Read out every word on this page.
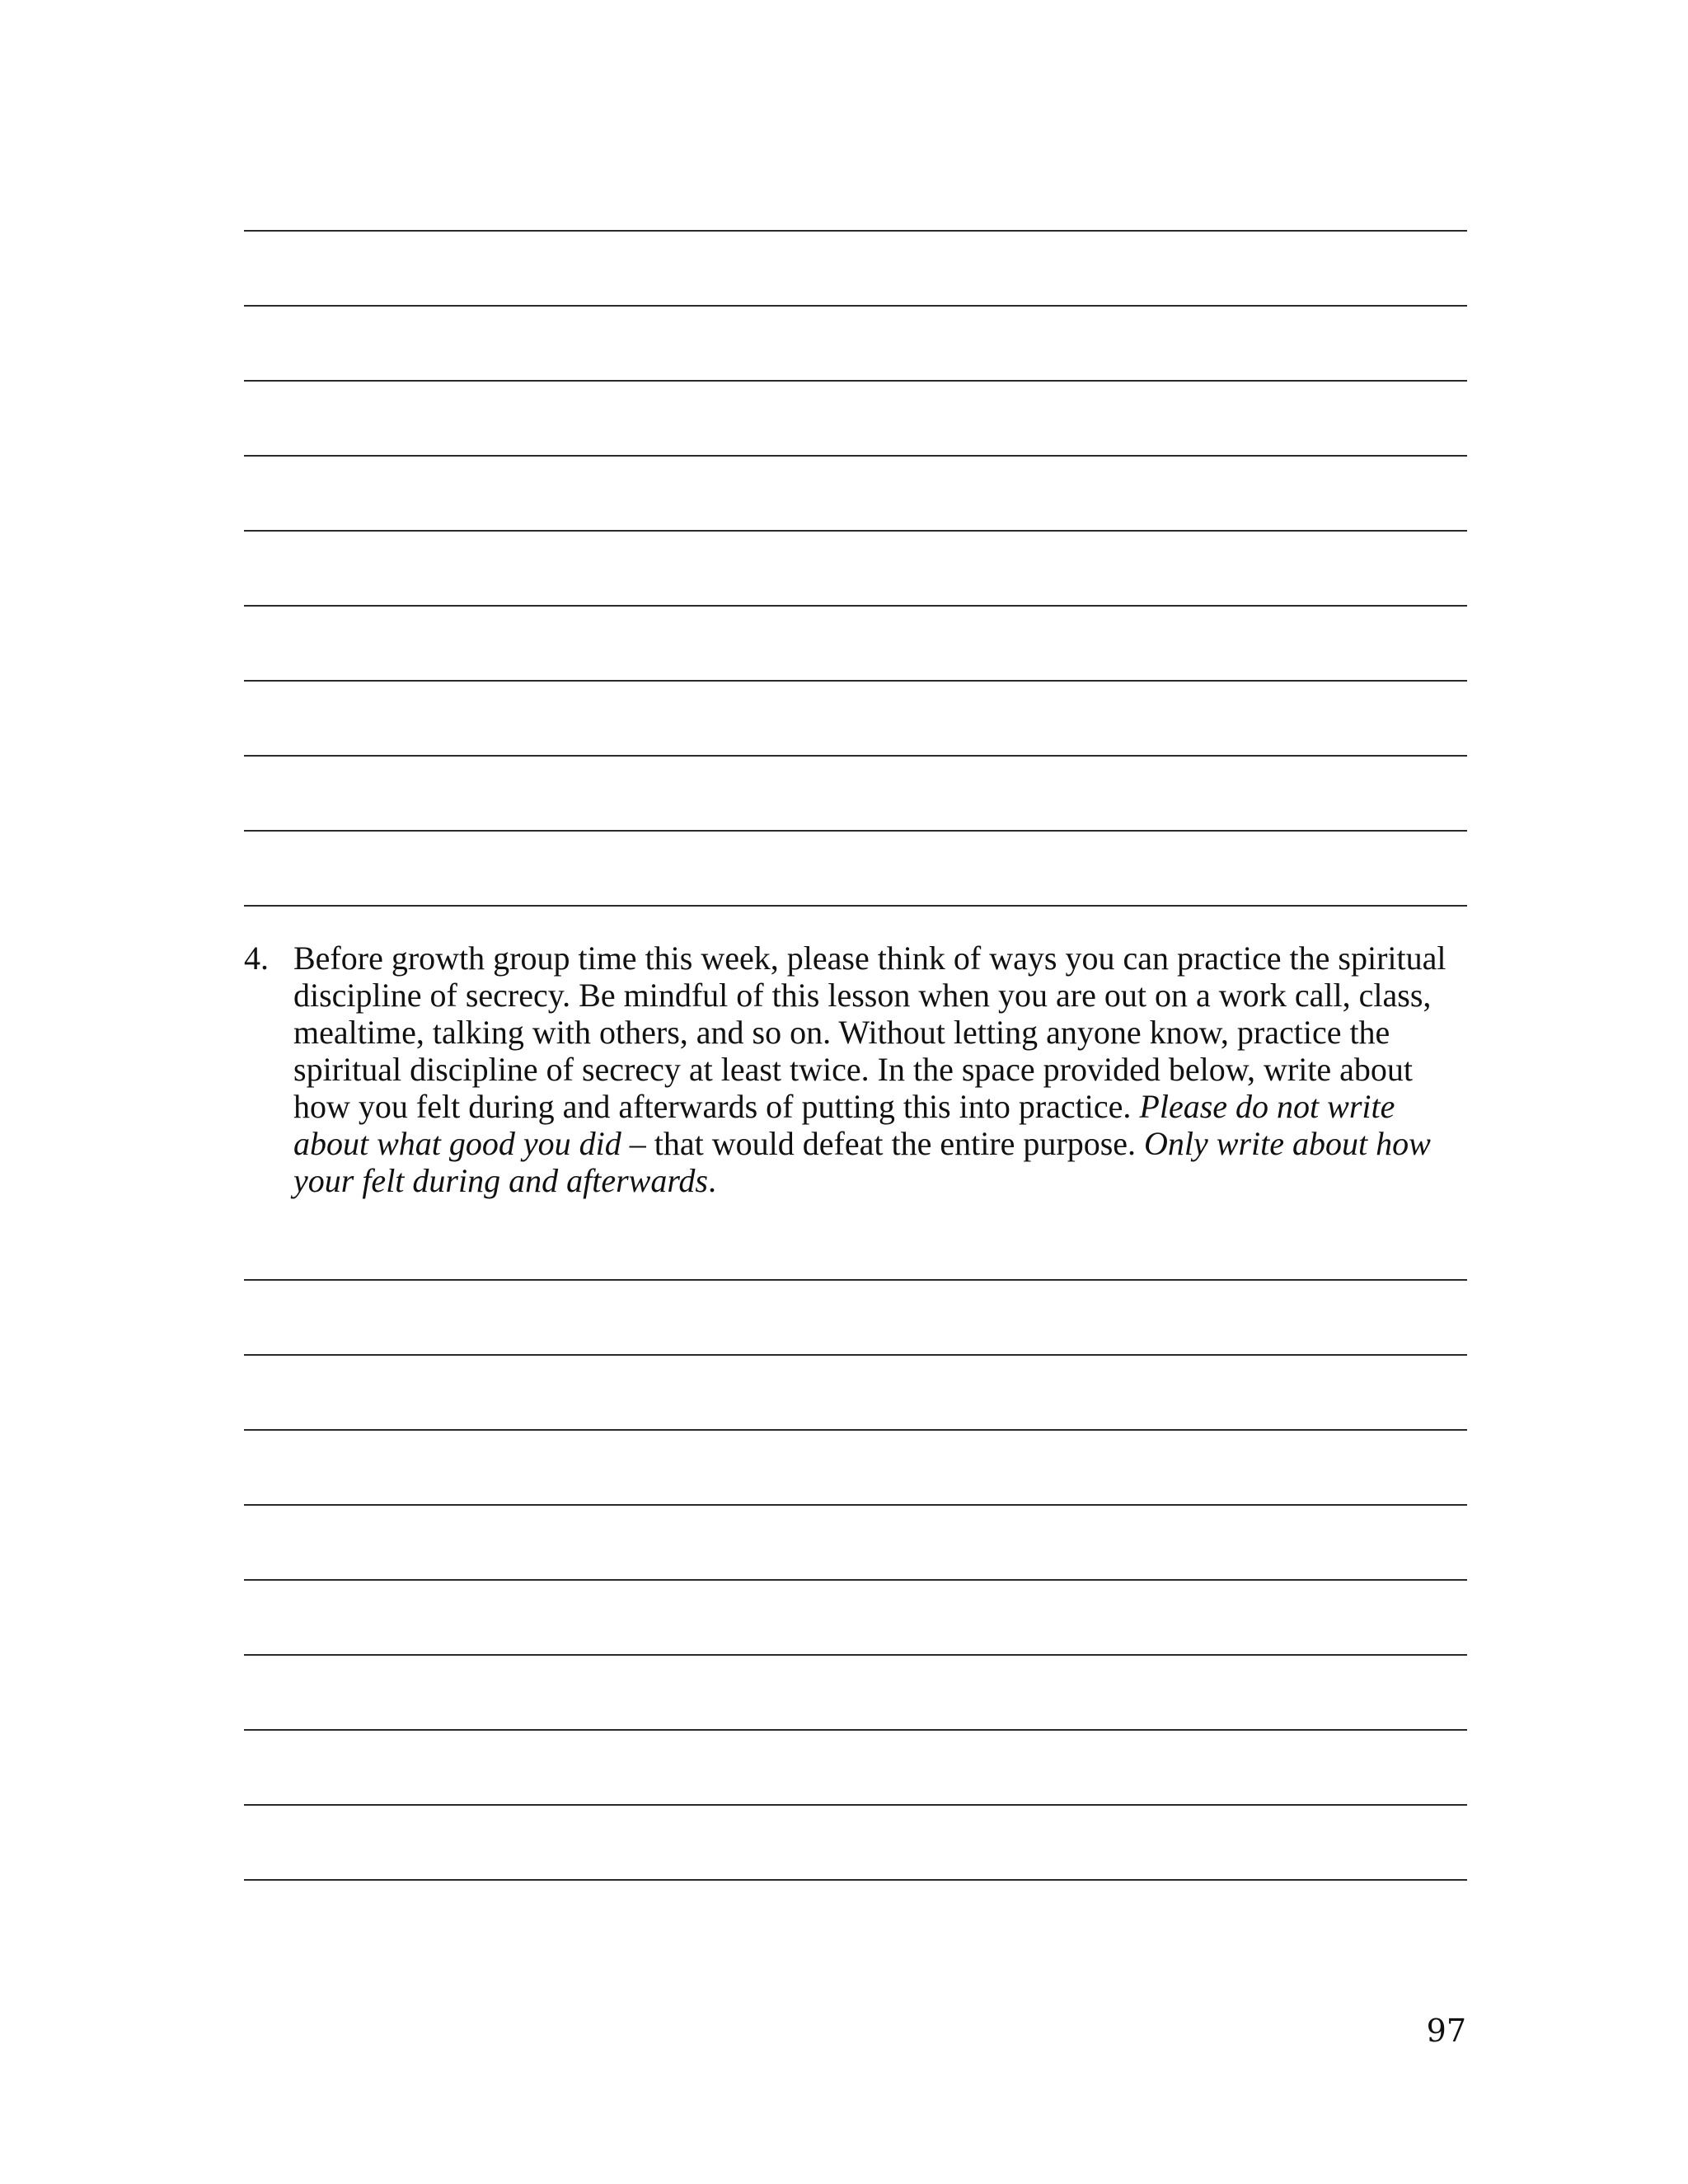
4. Before growth group time this week, please think of ways you can practice the spiritual discipline of secrecy. Be mindful of this lesson when you are out on a work call, class, mealtime, talking with others, and so on. Without letting anyone know, practice the spiritual discipline of secrecy at least twice. In the space provided below, write about how you felt during and afterwards of putting this into practice. Please do not write about what good you did – that would defeat the entire purpose. Only write about how your felt during and afterwards.
97
